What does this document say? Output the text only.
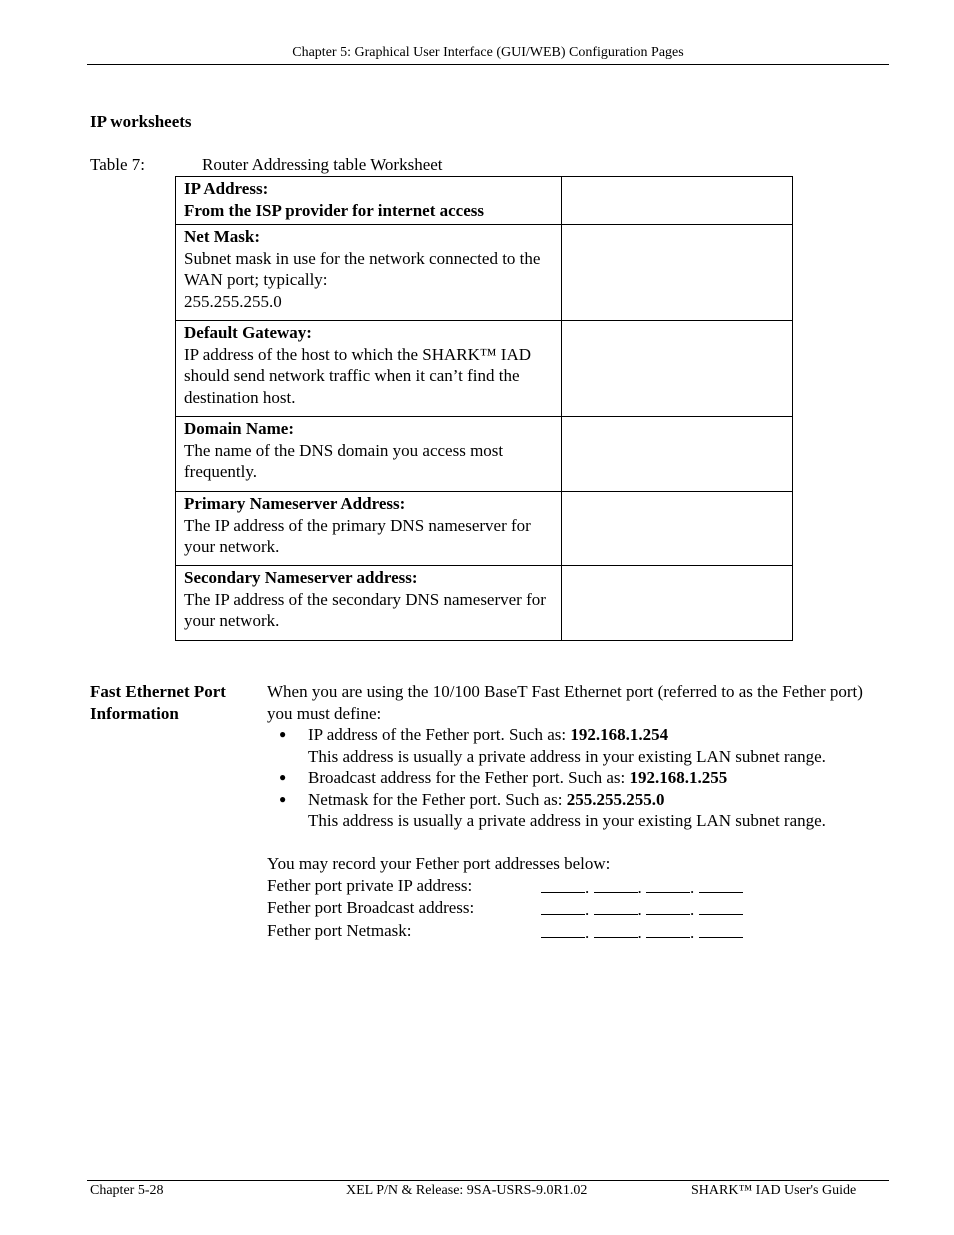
Chapter 5: Graphical User Interface (GUI/WEB) Configuration Pages
IP worksheets
Table 7:	Router Addressing table Worksheet
IP Address:
From the ISP provider for internet access	

Net Mask:
Subnet mask in use for the network connected to the WAN port; typically:
255.255.255.0	

Default Gateway:
IP address of the host to which the SHARK™ IAD should send network traffic when it can’t find the destination host.	

Domain Name:
The name of the DNS domain you access most frequently.	

Primary Nameserver Address:
The IP address of the primary DNS nameserver for your network.	

Secondary Nameserver address:
The IP address of the secondary DNS nameserver for your network.	

Fast Ethernet Port Information
When you are using the 10/100 BaseT Fast Ethernet port (referred to as the Fether port) you must define:
● IP address of the Fether port. Such as: 192.168.1.254
This address is usually a private address in your existing LAN subnet range.
● Broadcast address for the Fether port. Such as: 192.168.1.255
● Netmask for the Fether port. Such as: 255.255.255.0
This address is usually a private address in your existing LAN subnet range.
You may record your Fether port addresses below:
Fether port private IP address:	.	.	.
Fether port Broadcast address:	.	.	.
Fether port Netmask:	.	.	.
Chapter 5-28	XEL P/N & Release: 9SA-USRS-9.0R1.02	SHARK™ IAD User's Guide
